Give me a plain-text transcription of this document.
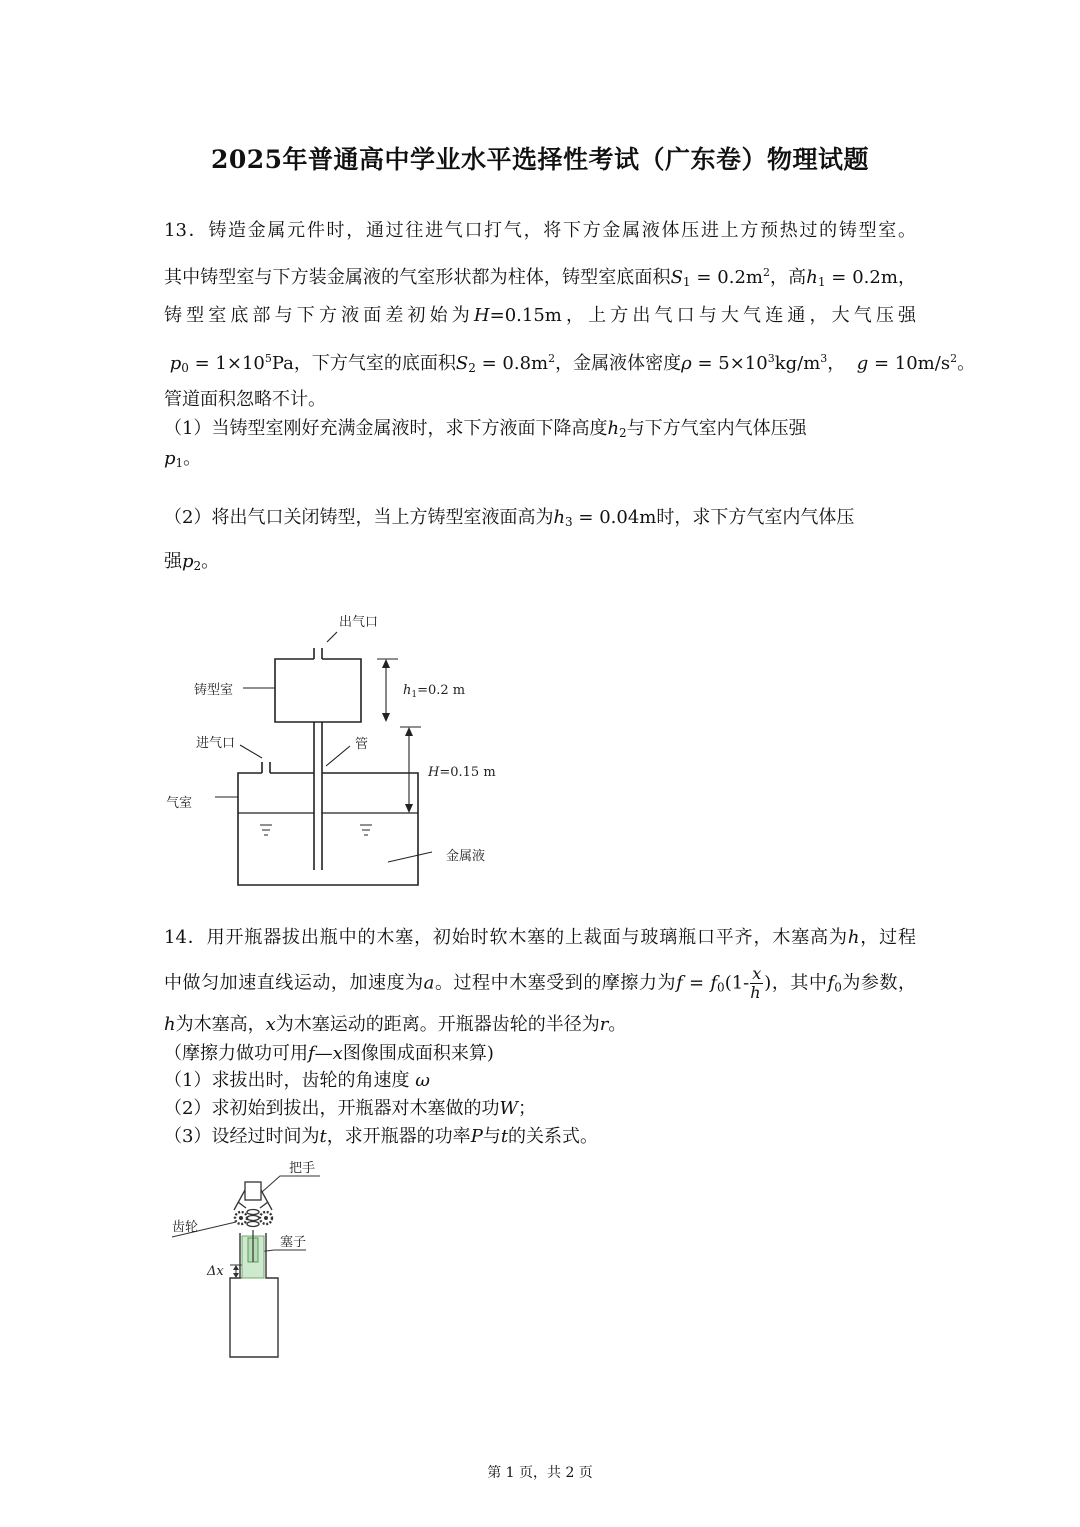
2025年普通高中学业水平选择性考试（广东卷）物理试题
13．铸造金属元件时，通过往进气口打气，将下方金属液体压进上方预热过的铸型室。
其中铸型室与下方装金属液的气室形状都为柱体，铸型室底面积$S_1 = 0.2m^2$，高$h_1 = 0.2m$，
铸型室底部与下方液面差初始为H=0.15m，上方出气口与大气连通，大气压强
$p_0 = 1\times 10^5Pa$，下方气室的底面积$S_2 = 0.8m^2$，金属液体密度$\rho = 5\times 10^3kg/m^3$，  $g = 10m/s^2$。
管道面积忽略不计。
（1）当铸型室刚好充满金属液时，求下方液面下降高度$h_2$与下方气室内气体压强
$p_1$。
（2）将出气口关闭铸型，当上方铸型室液面高为$h_3 = 0.04m$时，求下方气室内气体压
强$p_2$。
出气口
铸型室	$h_1=0.2$ m
进气口	管
H=0.15 m
气室
金属液
14．用开瓶器拔出瓶中的木塞，初始时软木塞的上裁面与玻璃瓶口平齐，木塞高为h，过程
中做匀加速直线运动，加速度为a。过程中木塞受到的摩擦力为$f = f_0(1- \frac{x}{h}$ )，其中$f_0$为参数，
h为木塞高，x为木塞运动的距离。开瓶器齿轮的半径为r。
（摩擦力做功可用f—x图像围成面积来算)
（1）求拔出时，齿轮的角速度 ω
（2）求初始到拔出，开瓶器对木塞做的功W；
（3）设经过时间为t，求开瓶器的功率P与t的关系式。
把手
齿轮
塞子
Δx
第 1 页，共 2 页
